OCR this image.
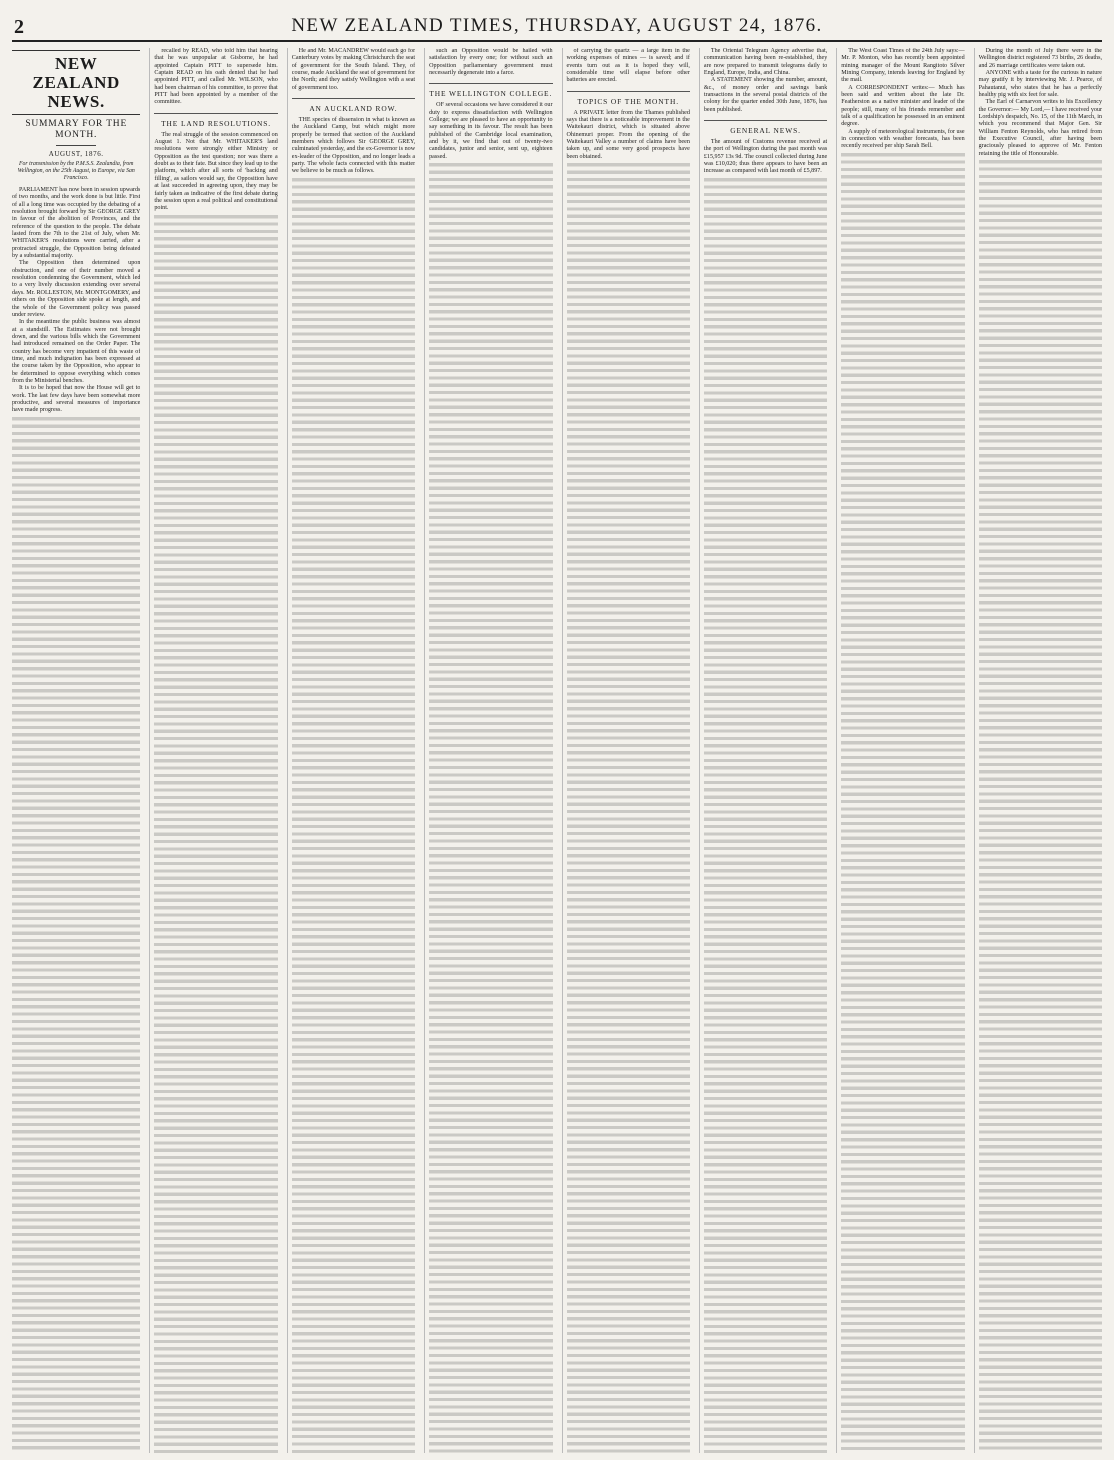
2	NEW ZEALAND TIMES, THURSDAY, AUGUST 24, 1876.
NEW ZEALAND NEWS.
SUMMARY FOR THE MONTH.
AUGUST, 1876.
For transmission by the P.M.S.S. Zealandia, from Wellington, on the 25th August, to Europe, via San Francisco.

PARLIAMENT has now been in session upwards of two months, and the work done is but little. First of all a long time was occupied by the debating of a resolution brought forward by Sir GEORGE GREY in favour of the abolition of Provinces, and the reference of the question to the people. The debate lasted from the 7th to the 21st of July, when Mr. WHITAKER'S resolutions were carried, after a protracted struggle, the Opposition being defeated by a substantial majority.

The Opposition then determined upon obstruction, and one of their number moved a resolution condemning the Government, which led to a very lively discussion extending over several days. Mr. ROLLESTON, Mr. MONTGOMERY, and others on the Opposition side spoke at length, and the whole of the Government policy was passed under review.

In the meantime the public business was almost at a standstill. The Estimates were not brought down, and the various bills which the Government had introduced remained on the Order Paper. The country has become very impatient of this waste of time, and much indignation has been expressed at the course taken by the Opposition, who appear to be determined to oppose everything which comes from the Ministerial benches.

It is to be hoped that now the House will get to work. The last few days have been somewhat more productive, and several measures of importance have made progress.

recalled by READ, who told him that hearing that he was unpopular at Gisborne, he had appointed Captain PITT to supersede him. Captain READ on his oath denied that he had appointed PITT, and called Mr. WILSON, who had been chairman of his committee, to prove that PITT had been appointed by a member of the committee.

THE LAND RESOLUTIONS.

The real struggle of the session commenced on August 1. Not that Mr. WHITAKER'S land resolutions were strongly either Ministry or Opposition as the test question; nor was there a doubt as to their fate. But since they lead up to the platform, which after all sorts of 'backing and filling', as sailors would say, the Opposition have at last succeeded in agreeing upon, they may be fairly taken as indicative of the first debate during the session upon a real political and constitutional point.

He and Mr. MACANDREW would each go for Canterbury votes by making Christchurch the seat of government for the South Island. They, of course, made Auckland the seat of government for the North; and they satisfy Wellington with a seat of government too.

AN AUCKLAND ROW.

THE species of dissension in what is known as the Auckland Camp, but which might more properly be termed that section of the Auckland members which follows Sir GEORGE GREY, culminated yesterday, and the ex-Governor is now ex-leader of the Opposition, and no longer leads a party. The whole facts connected with this matter we believe to be much as follows.

such an Opposition would be hailed with satisfaction by every one; for without such an Opposition parliamentary government must necessarily degenerate into a farce.

THE WELLINGTON COLLEGE.

OF several occasions we have considered it our duty to express dissatisfaction with Wellington College; we are pleased to have an opportunity to say something in its favour. The result has been published of the Cambridge local examination, and by it, we find that out of twenty-two candidates, junior and senior, sent up, eighteen passed.

of carrying the quartz — a large item in the working expenses of mines — is saved; and if events turn out as it is hoped they will, considerable time will elapse before other batteries are erected.

TOPICS OF THE MONTH.

A PRIVATE letter from the Thames published says that there is a noticeable improvement in the Waitekauri district, which is situated above Ohinemuri proper. From the opening of the Waitekauri Valley a number of claims have been taken up, and some very good prospects have been obtained.

The Oriental Telegram Agency advertise that, communication having been re-established, they are now prepared to transmit telegrams daily to England, Europe, India, and China.

A STATEMENT showing the number, amount, &c., of money order and savings bank transactions in the several postal districts of the colony for the quarter ended 30th June, 1876, has been published.

GENERAL NEWS.

The amount of Customs revenue received at the port of Wellington during the past month was £15,957 13s 9d. The council collected during June was £10,020; thus there appears to have been an increase as compared with last month of £5,897.

The West Coast Times of the 24th July says:— Mr. P. Monton, who has recently been appointed mining manager of the Mount Rangitoto Silver Mining Company, intends leaving for England by the mail.

A CORRESPONDENT writes:— Much has been said and written about the late Dr. Featherston as a native minister and leader of the people; still, many of his friends remember and talk of a qualification he possessed in an eminent degree.

A supply of meteorological instruments, for use in connection with weather forecasts, has been recently received per ship Sarah Bell.

During the month of July there were in the Wellington district registered 73 births, 26 deaths, and 26 marriage certificates were taken out.

ANYONE with a taste for the curious in nature may gratify it by interviewing Mr. J. Pearce, of Pahautanui, who states that he has a perfectly healthy pig with six feet for sale.

The Earl of Carnarvon writes to his Excellency the Governor:— My Lord,— I have received your Lordship's despatch, No. 15, of the 11th March, in which you recommend that Major Gen. Sir William Fenton Reynolds, who has retired from the Executive Council, after having been graciously pleased to approve of Mr. Fenton retaining the title of Honourable.
